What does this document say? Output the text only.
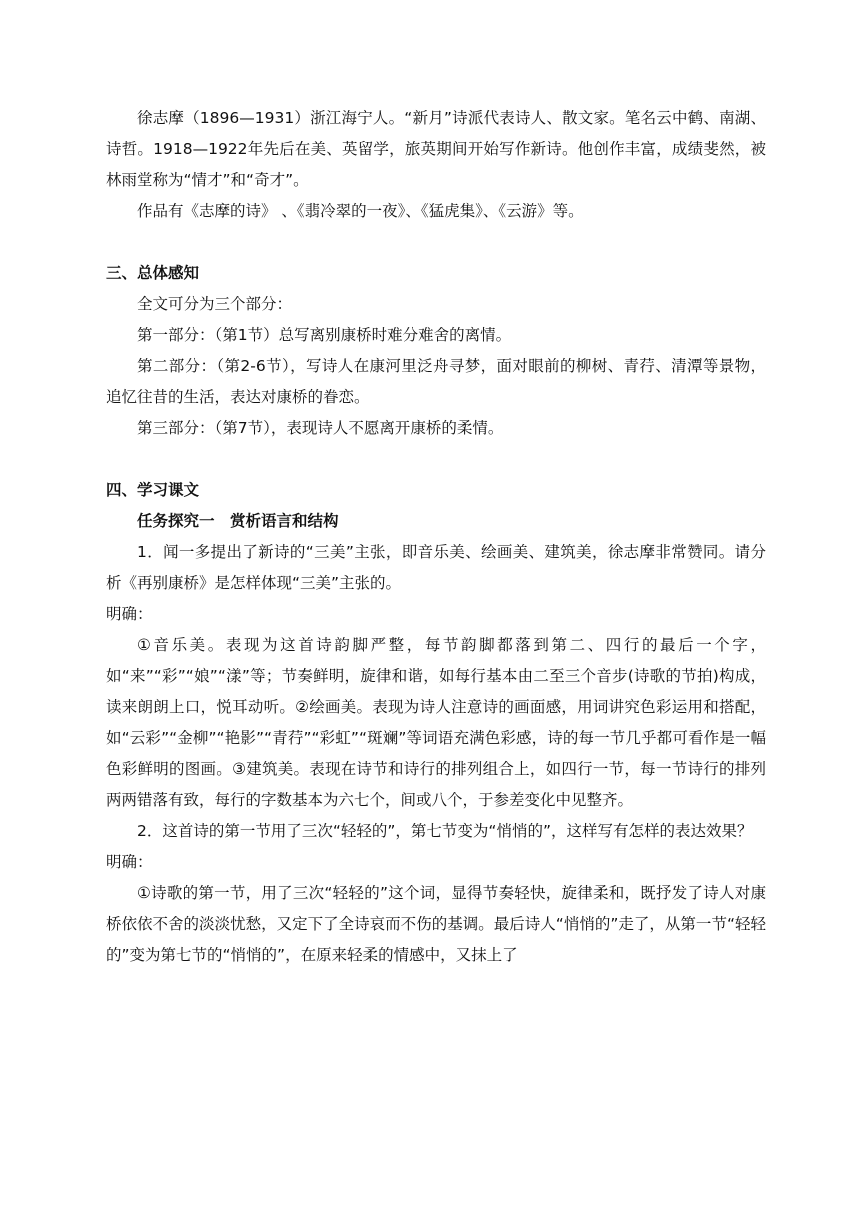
徐志摩（1896—1931）浙江海宁人。“新月”诗派代表诗人、散文家。笔名云中鹤、南湖、诗哲。1918—1922年先后在美、英留学，旅英期间开始写作新诗。他创作丰富，成绩斐然，被林雨堂称为“情才”和“奇才”。

作品有《志摩的诗》 、《翡冷翠的一夜》、《猛虎集》、《云游》等。

三、总体感知

全文可分为三个部分：

第一部分：（第1节）总写离别康桥时难分难舍的离情。

第二部分：（第2-6节），写诗人在康河里泛舟寻梦，面对眼前的柳树、青荇、清潭等景物，追忆往昔的生活，表达对康桥的眷恋。

第三部分：（第7节），表现诗人不愿离开康桥的柔情。

四、学习课文

任务探究一　赏析语言和结构

1．闻一多提出了新诗的“三美”主张，即音乐美、绘画美、建筑美，徐志摩非常赞同。请分析《再别康桥》是怎样体现“三美”主张的。

明确：

①音乐美。表现为这首诗韵脚严整，每节韵脚都落到第二、四行的最后一个字，如“来”“彩”“娘”“漾”等；节奏鲜明，旋律和谐，如每行基本由二至三个音步(诗歌的节拍)构成，读来朗朗上口，悦耳动听。②绘画美。表现为诗人注意诗的画面感，用词讲究色彩运用和搭配，如“云彩”“金柳”“艳影”“青荇”“彩虹”“斑斓”等词语充满色彩感，诗的每一节几乎都可看作是一幅色彩鲜明的图画。③建筑美。表现在诗节和诗行的排列组合上，如四行一节，每一节诗行的排列两两错落有致，每行的字数基本为六七个，间或八个，于参差变化中见整齐。

2．这首诗的第一节用了三次“轻轻的”，第七节变为“悄悄的”，这样写有怎样的表达效果？

明确：

①诗歌的第一节，用了三次“轻轻的”这个词，显得节奏轻快，旋律柔和，既抒发了诗人对康桥依依不舍的淡淡忧愁，又定下了全诗哀而不伤的基调。最后诗人“悄悄的”走了，从第一节“轻轻的”变为第七节的“悄悄的”，在原来轻柔的情感中，又抹上了
